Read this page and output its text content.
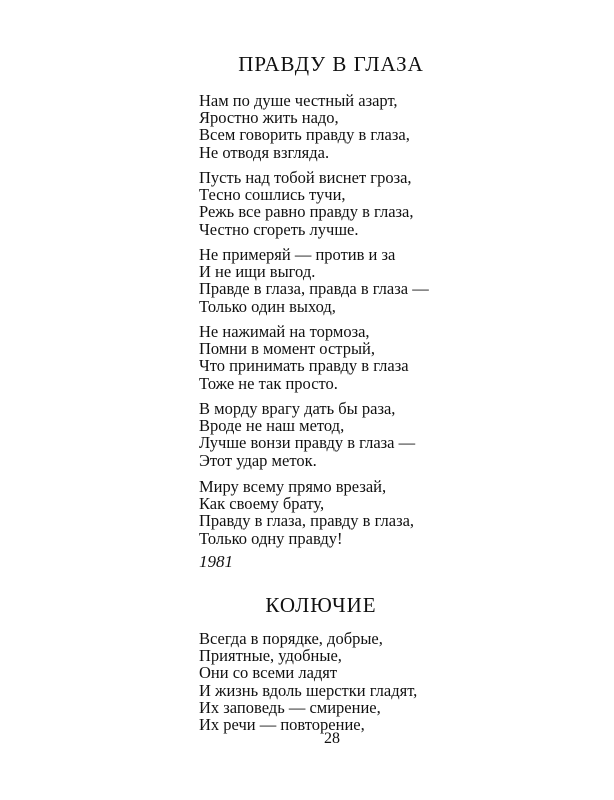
ПРАВДУ В ГЛАЗА
Нам по душе честный азарт,
Яростно жить надо,
Всем говорить правду в глаза,
Не отводя взгляда.
Пусть над тобой виснет гроза,
Тесно сошлись тучи,
Режь все равно правду в глаза,
Честно сгореть лучше.
Не примеряй — против и за
И не ищи выгод.
Правде в глаза, правда в глаза —
Только один выход,
Не нажимай на тормоза,
Помни в момент острый,
Что принимать правду в глаза
Тоже не так просто.
В морду врагу дать бы раза,
Вроде не наш метод,
Лучше вонзи правду в глаза —
Этот удар меток.
Миру всему прямо врезай,
Как своему брату,
Правду в глаза, правду в глаза,
Только одну правду!

1981

КОЛЮЧИЕ
Всегда в порядке, добрые,
Приятные, удобные,
Они со всеми ладят
И жизнь вдоль шерстки гладят,
Их заповедь — смирение,
Их речи — повторение,

28
